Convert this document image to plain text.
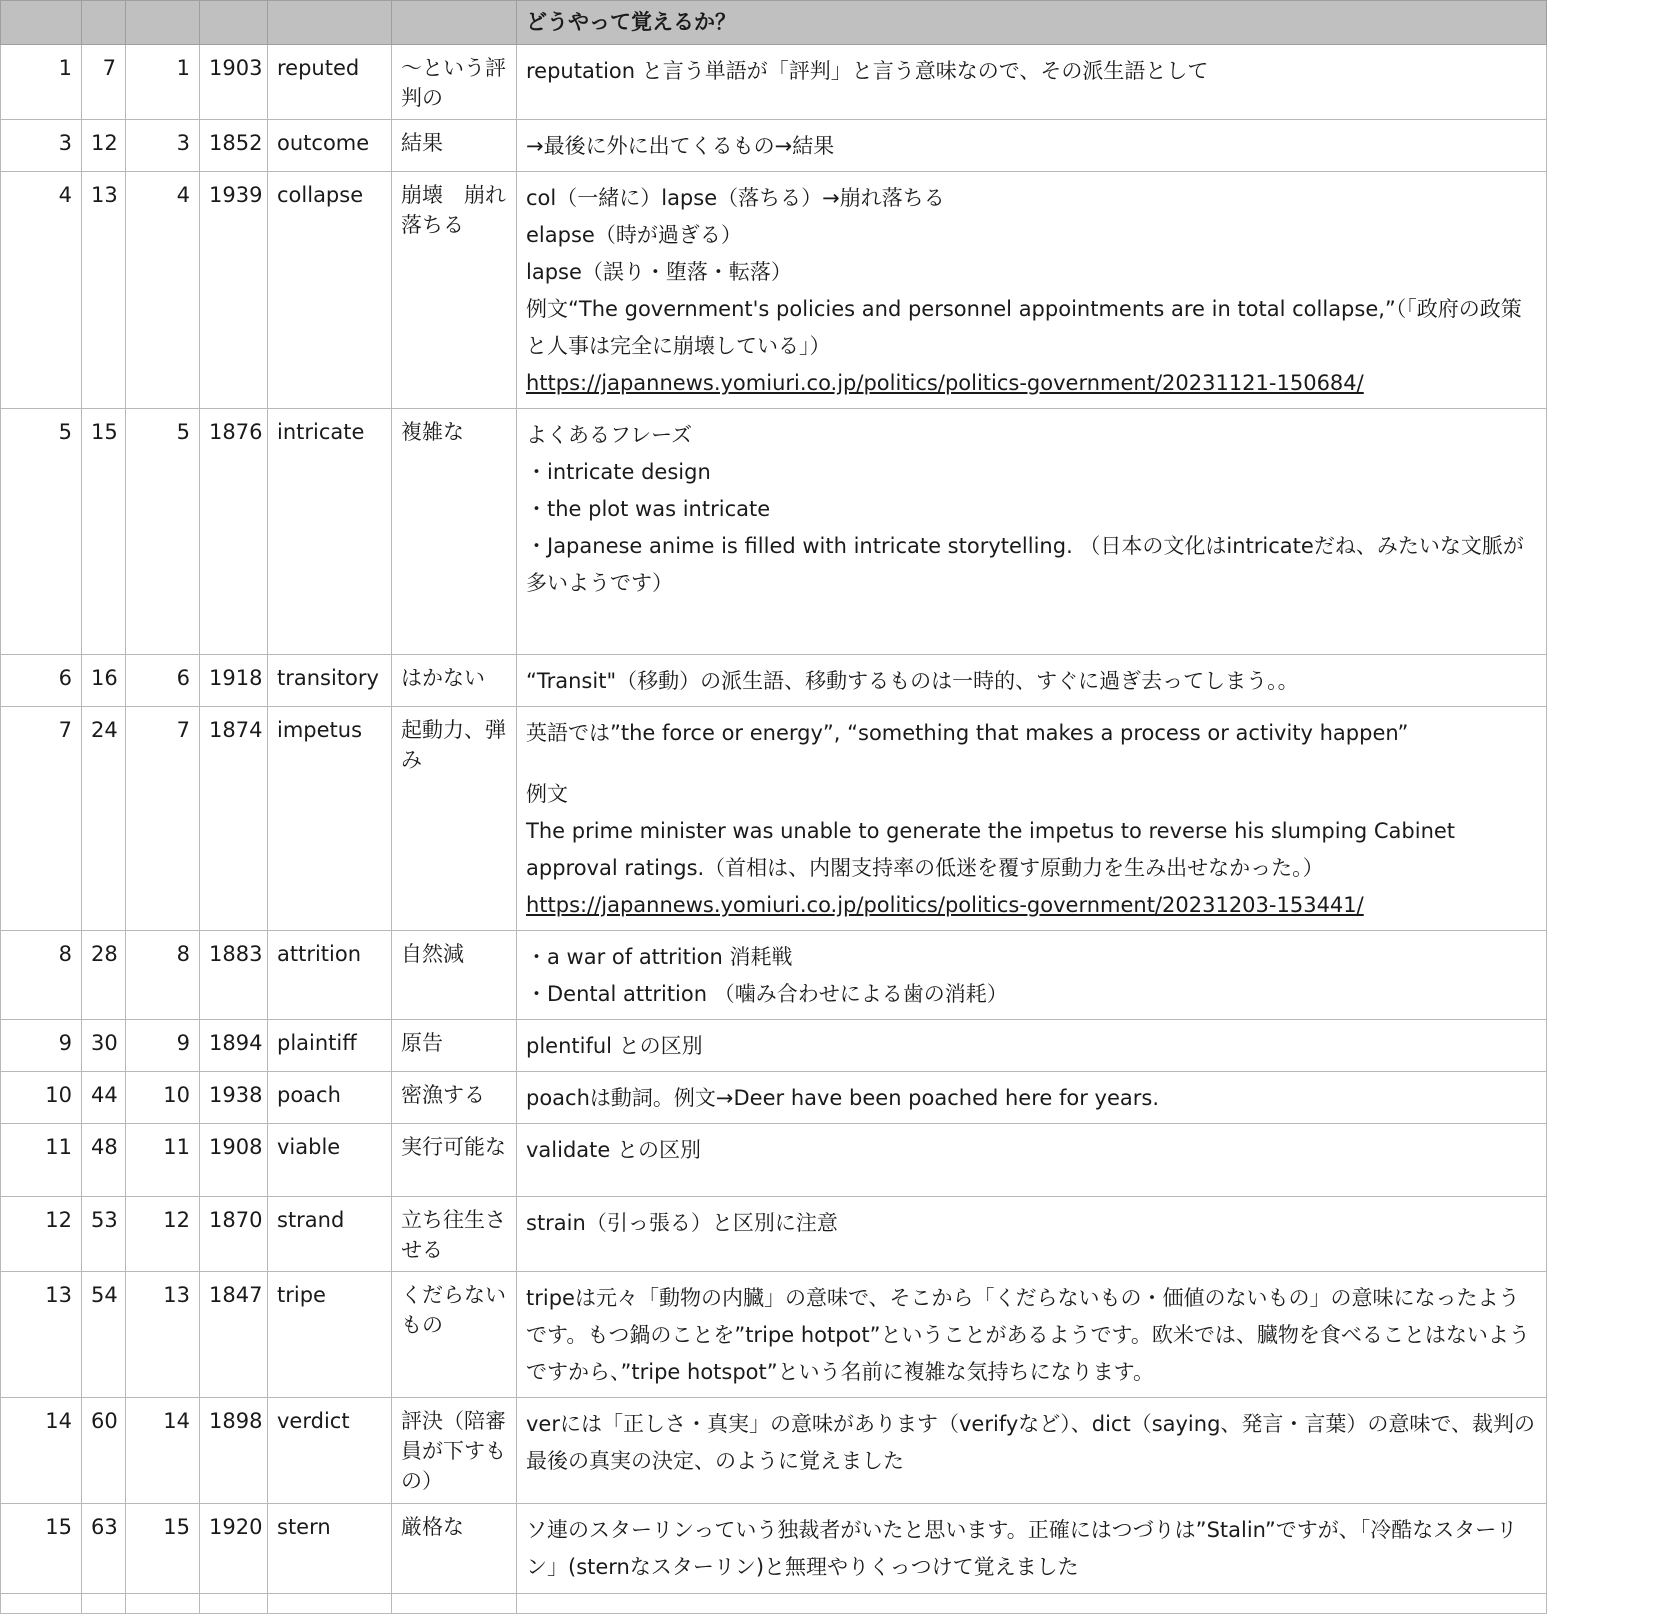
						どうやって覚えるか？
1	7	1	1903	reputed	〜という評判の	reputation と言う単語が「評判」と言う意味なので、その派生語として

3	12	3	1852	outcome	結果	→最後に外に出てくるもの→結果

4	13	4	1939	collapse	崩壊　崩れ落ちる	col（一緒に）lapse（落ちる）→崩れ落ちる
elapse（時が過ぎる）
lapse（誤り・堕落・転落）
例文“The government's policies and personnel appointments are in total collapse,”（「政府の政策と人事は完全に崩壊している」）
https://japannews.yomiuri.co.jp/politics/politics-government/20231121-150684/

5	15	5	1876	intricate	複雑な	よくあるフレーズ
・intricate design
・the plot was intricate
・Japanese anime is filled with intricate storytelling. （日本の文化はintricateだね、みたいな文脈が多いようです）

6	16	6	1918	transitory	はかない	“Transit"（移動）の派生語、移動するものは一時的、すぐに過ぎ去ってしまう。。

7	24	7	1874	impetus	起動力、弾み	英語では”the force or energy”, “something that makes a process or activity happen”
例文
The prime minister was unable to generate the impetus to reverse his slumping Cabinet approval ratings.（首相は、内閣支持率の低迷を覆す原動力を生み出せなかった。）
https://japannews.yomiuri.co.jp/politics/politics-government/20231203-153441/

8	28	8	1883	attrition	自然減	・a war of attrition 消耗戦
・Dental attrition （噛み合わせによる歯の消耗）

9	30	9	1894	plaintiff	原告	plentiful との区別

10	44	10	1938	poach	密漁する	poachは動詞。例文→Deer have been poached here for years.

11	48	11	1908	viable	実行可能な	validate との区別

12	53	12	1870	strand	立ち往生させる	strain（引っ張る）と区別に注意

13	54	13	1847	tripe	くだらないもの	tripeは元々「動物の内臓」の意味で、そこから「くだらないもの・価値のないもの」の意味になったようです。もつ鍋のことを”tripe hotpot”ということがあるようです。欧米では、臓物を食べることはないようですから、”tripe hotspot”という名前に複雑な気持ちになります。

14	60	14	1898	verdict	評決（陪審員が下すもの）	verには「正しさ・真実」の意味があります（verifyなど）、dict（saying、発言・言葉）の意味で、裁判の最後の真実の決定、のように覚えました

15	63	15	1920	stern	厳格な	ソ連のスターリンっていう独裁者がいたと思います。正確にはつづりは”Stalin”ですが、「冷酷なスターリン」(sternなスターリン)と無理やりくっつけて覚えました
